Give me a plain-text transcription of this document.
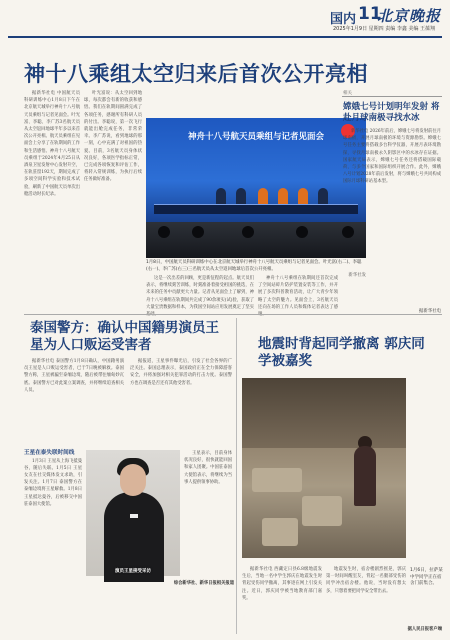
国内 11
北京晚报
2025年1月9日 星期四 责编 李鑫 美编 王葆翔
神十八乘组太空归来后首次公开亮相

据新华社电 中国航天员科研训练中心1月8日下午在北京航天城举行神舟十八号航天员乘组与记者见面会。叶光富、李聪、李广苏3名航天员从太空返回地球半年多以来首次公开亮相。航天员乘组在见面会上分享了在轨期间的工作和生活感悟。神舟十八号航天员乘组于2024年4月25日从酒泉卫星发射中心发射升空，在轨驻留192天，期间完成了多项空间科学实验和技术试验，刷新了中国航天员单次出舱活动时长纪录。

叶光富说：从太空回到地球，每次都会有新的收获和感悟。我们在轨期间圆满完成了各项任务，感谢所有科研人员的付出。李聪说，第一次飞行就能出舱完成任务，非常荣幸。李广苏说，看到地球的那一刻，心中充满了对祖国的热爱。目前，3名航天员身体状况良好，各项医学指标正常，已完成各项恢复和评估工作，将转入常规训练，为执行后续任务做好准备。

神舟十八号航天员乘组与记者见面会
1月8日，中国航天员科研训练中心在北京航天城举行神舟十八号航天员乘组与记者见面会。叶光富(右二)、李聪(右一)、李广苏(右三)三名航天员从太空返回地球后首次公开亮相。
新华社发

这是一次出差的回顾，更是新征程的起点。航天员们表示，将继续刻苦训练，时刻准备着接受祖国的挑选，在未来的任务中贡献更大力量。记者从见面会上了解到，神舟十八号乘组在轨期间共完成了90余项实(试)验，获取了大量宝贵数据和样本，为我国空间站应用发展奠定了坚实

神舟十八号乘组在轨期间还首次完成了空间站碎片防护装置安装等工作，并开展了多次科普教育活动，让广大青少年领略了太空的魅力。见面会上，3名航天员还向在场的工作人员和媒体记者表达了感

相关
嫦娥七号计划明年发射 将赴月球南极寻找水冰

新华社电 2026年前后，嫦娥七号将发射前往月球南极，开展月球南极的环境与资源勘察。嫦娥七号任务主要将搭载多台科学仪器，开展月表环境勘探，寻找月球南极永久阴影区中的水冰存在证据。国家航天局表示，嫦娥七号任务还将搭载国际载荷，与多个国家和国际组织开展合作。此外，嫦娥八号计划2028年前后发射，将与嫦娥七号共同构成国际月球科研站基本型。

据新华社电
泰国警方：确认中国籍男演员王星为人口贩运受害者

据新华社电 泰国警方1月8日确认，中国籍男演员王星是人口贩运受害者，已于7日晚被解救。泰国警方称，王星被骗至泰缅边境，随后被带往缅甸妙瓦底。泰国警方已对此案立案调查，并将继续追查相关人员。

据报道，王星事件曝光后，引发了社会各界的广泛关注。泰国总理表示，泰国政府正在全力保障游客安全，并将加强对相关犯罪活动的打击力度。泰国警方也在调查是否还有其他受害者。

王星在泰失联时间线

1月3日 王星从上海飞抵曼谷，随后失联。1月5日 王星女友在社交媒体发文求助，引发关注。1月7日 泰国警方在泰缅边境将王星解救。1月8日 王星抵达曼谷，后被移交中国驻泰国大使馆。

演员王星接受采访

王星表示，目前身体状况良好，很快就能回国和家人团聚。中国驻泰国大使馆表示，将继续为当事人提供领事协助。

综合新华社、新华日报相关报道
地震时背起同学撤离 郭庆同学被嘉奖
1月6日，拉萨某中学同学正在宿舍门前集合。

据新华社电 西藏定日县6.8级地震发生后，当地一名中学生郭庆在地震发生时背起受伤同学撤离，其事迹在网上引发关注。近日，郭庆同学被当地教育部门嘉奖。

地震发生时，宿舍楼剧烈摇晃，郭庆第一时间叫醒室友，背起一名腿部受伤的同学冲出宿舍楼。他说，当时没有想太多，只想着要把同学安全带出去。

据人民日报客户端
